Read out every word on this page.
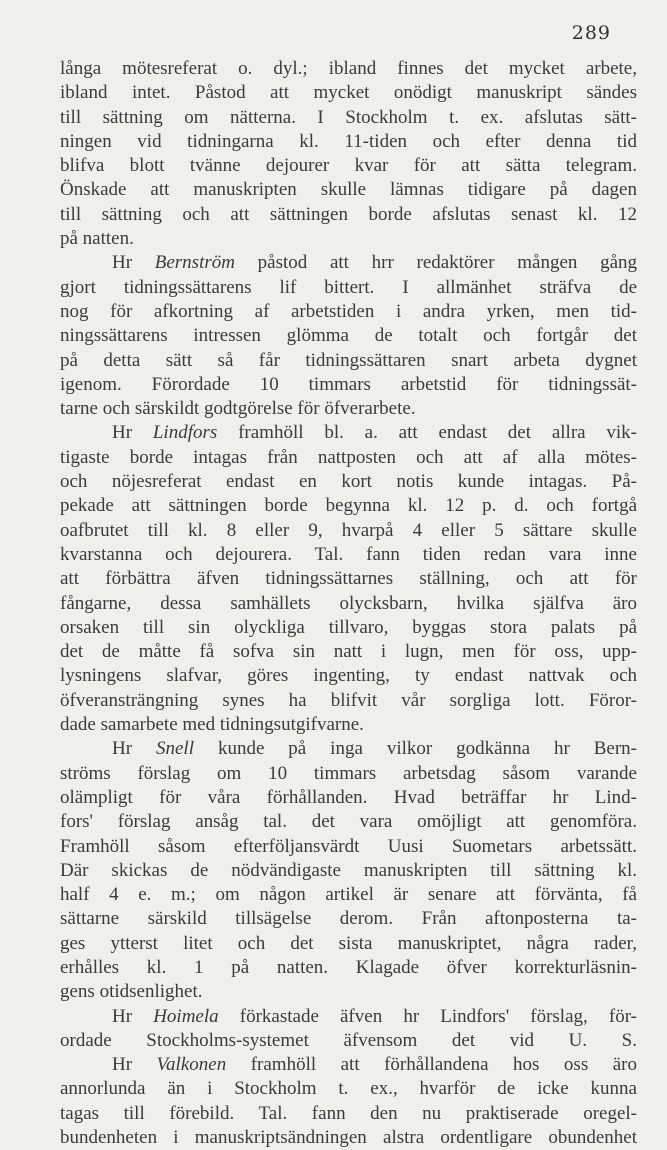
289
långa mötesreferat o. dyl.; ibland finnes det mycket arbete,
ibland intet. Påstod att mycket onödigt manuskript sändes
till sättning om nätterna. I Stockholm t. ex. afslutas sätt-
ningen vid tidningarna kl. 11-tiden och efter denna tid
blifva blott tvänne dejourer kvar för att sätta telegram.
Önskade att manuskripten skulle lämnas tidigare på dagen
till sättning och att sättningen borde afslutas senast kl. 12
på natten.
Hr Bernström påstod att hrr redaktörer mången gång
gjort tidningssättarens lif bittert. I allmänhet sträfva de
nog för afkortning af arbetstiden i andra yrken, men tid-
ningssättarens intressen glömma de totalt och fortgår det
på detta sätt så får tidningssättaren snart arbeta dygnet
igenom. Förordade 10 timmars arbetstid för tidningssät-
tarne och särskildt godtgörelse för öfverarbete.
Hr Lindfors framhöll bl. a. att endast det allra vik-
tigaste borde intagas från nattposten och att af alla mötes-
och nöjesreferat endast en kort notis kunde intagas. På-
pekade att sättningen borde begynna kl. 12 p. d. och fortgå
oafbrutet till kl. 8 eller 9, hvarpå 4 eller 5 sättare skulle
kvarstanna och dejourera. Tal. fann tiden redan vara inne
att förbättra äfven tidningssättarnes ställning, och att för
fångarne, dessa samhällets olycksbarn, hvilka själfva äro
orsaken till sin olyckliga tillvaro, byggas stora palats på
det de måtte få sofva sin natt i lugn, men för oss, upp-
lysningens slafvar, göres ingenting, ty endast nattvak och
öfveransträngning synes ha blifvit vår sorgliga lott. Föror-
dade samarbete med tidningsutgifvarne.
Hr Snell kunde på inga vilkor godkänna hr Bern-
ströms förslag om 10 timmars arbetsdag såsom varande
olämpligt för våra förhållanden. Hvad beträffar hr Lind-
fors' förslag ansåg tal. det vara omöjligt att genomföra.
Framhöll såsom efterföljansvärdt Uusi Suometars arbetssätt.
Där skickas de nödvändigaste manuskripten till sättning kl.
half 4 e. m.; om någon artikel är senare att förvänta, få
sättarne särskild tillsägelse derom. Från aftonposterna ta-
ges ytterst litet och det sista manuskriptet, några rader,
erhålles kl. 1 på natten. Klagade öfver korrekturläsnin-
gens otidsenlighet.
Hr Hoimela förkastade äfven hr Lindfors' förslag, för-
ordade Stockholms-systemet äfvensom det vid U. S.
Hr Valkonen framhöll att förhållandena hos oss äro
annorlunda än i Stockholm t. ex., hvarför de icke kunna
tagas till förebild. Tal. fann den nu praktiserade oregel-
bundenheten i manuskriptsändningen alstra ordentligare obundenhet
